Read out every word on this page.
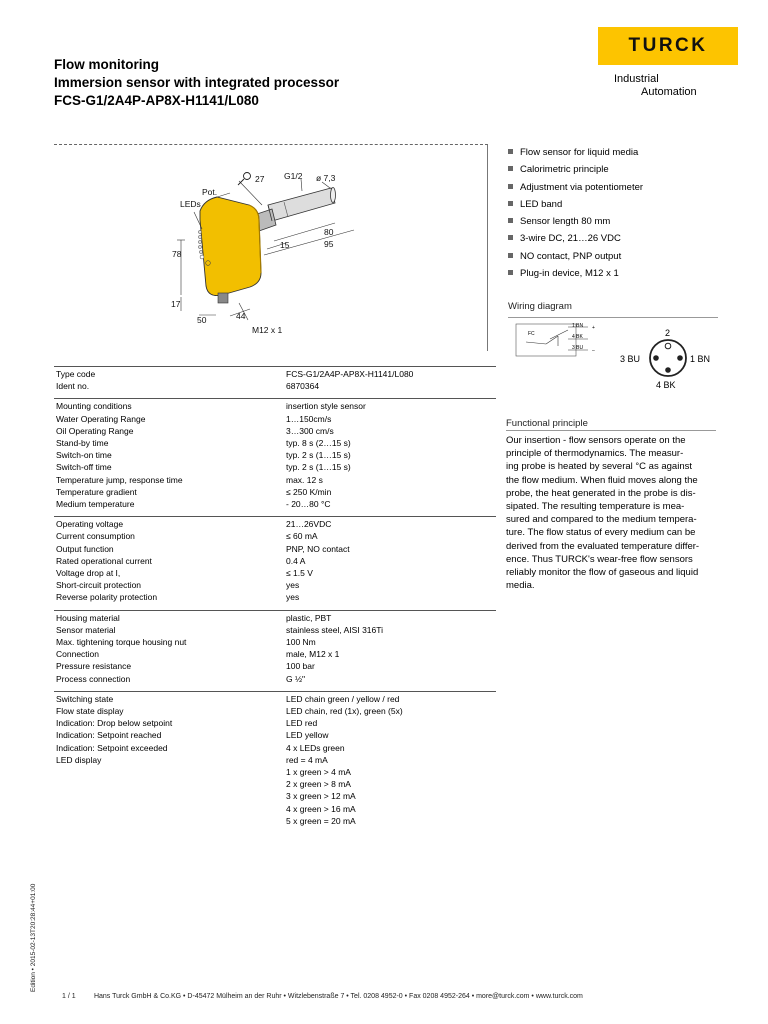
Flow monitoring
Immersion sensor with integrated processor
FCS-G1/2A4P-AP8X-H1141/L080
TURCK
Industrial
Automation
Pot.
LEDs
27 G1/2 ø 7,3
80
95
15
78
17
50	44
M12 x 1
Flow sensor for liquid media
Calorimetric principle
Adjustment via potentiometer
LED band
Sensor length 80 mm
3-wire DC, 21…26 VDC
NO contact, PNP output
Plug-in device, M12 x 1
Wiring diagram
FC
1 BN
4 BK
3 BU
+
–
2
3 BU	1 BN
4 BK
Functional principle
Our insertion - flow sensors operate on the
principle of thermodynamics. The measur-
ing probe is heated by several °C as against
the flow medium. When fluid moves along the
probe, the heat generated in the probe is dis-
sipated. The resulting temperature is mea-
sured and compared to the medium tempera-
ture. The flow status of every medium can be
derived from the evaluated temperature differ-
ence. Thus TURCK's wear-free flow sensors
reliably monitor the flow of gaseous and liquid
media.
Type code	FCS-G1/2A4P-AP8X-H1141/L080
Ident no.	6870364
Mounting conditions	insertion style sensor
Water Operating Range	1…150cm/s
Oil Operating Range	3…300 cm/s
Stand-by time	typ. 8 s (2…15 s)
Switch-on time	typ. 2 s (1…15 s)
Switch-off time	typ. 2 s (1…15 s)
Temperature jump, response time	max. 12 s
Temperature gradient	≤ 250 K/min
Medium temperature	- 20…80 °C
Operating voltage	21…26VDC
Current consumption	≤ 60 mA
Output function	PNP, NO contact
Rated operational current	0.4 A
Voltage drop at I,	≤ 1.5 V
Short-circuit protection	yes
Reverse polarity protection	yes
Housing material	plastic, PBT
Sensor material	stainless steel, AISI 316Ti
Max. tightening torque housing nut	100 Nm
Connection	male, M12 x 1
Pressure resistance	100 bar
Process connection	G ½"
Switching state	LED chain green / yellow / red
Flow state display	LED chain, red (1x), green (5x)
Indication: Drop below setpoint	LED red
Indication: Setpoint reached	LED yellow
Indication: Setpoint exceeded	4 x LEDs green
LED display	red = 4 mA
1 x green > 4 mA
2 x green > 8 mA
3 x green > 12 mA
4 x green > 16 mA
5 x green = 20 mA
Edition • 2015-02-13T20:28:44+01:00
1 / 1	Hans Turck GmbH & Co.KG • D-45472 Mülheim an der Ruhr • Witzlebenstraße 7 • Tel. 0208 4952-0 • Fax 0208 4952-264 • more@turck.com • www.turck.com
